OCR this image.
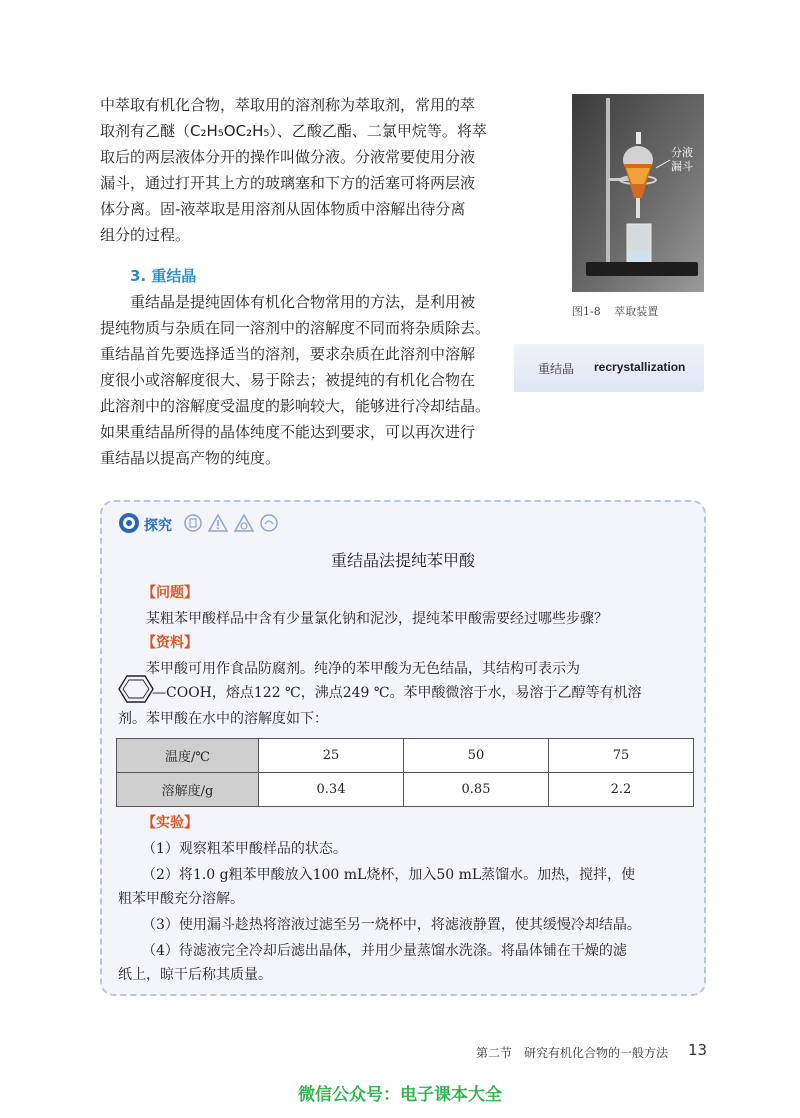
中萃取有机化合物，萃取用的溶剂称为萃取剂，常用的萃
取剂有乙醚（C₂H₅OC₂H₅）、乙酸乙酯、二氯甲烷等。将萃
取后的两层液体分开的操作叫做分液。分液常要使用分液
漏斗，通过打开其上方的玻璃塞和下方的活塞可将两层液
体分离。固-液萃取是用溶剂从固体物质中溶解出待分离
组分的过程。
3. 重结晶
重结晶是提纯固体有机化合物常用的方法，是利用被
提纯物质与杂质在同一溶剂中的溶解度不同而将杂质除去。
重结晶首先要选择适当的溶剂，要求杂质在此溶剂中溶解
度很小或溶解度很大、易于除去；被提纯的有机化合物在
此溶剂中的溶解度受温度的影响较大，能够进行冷却结晶。
如果重结晶所得的晶体纯度不能达到要求，可以再次进行
重结晶以提高产物的纯度。
分液
漏斗
图1-8 萃取装置
重结晶 recrystallization
探究
重结晶法提纯苯甲酸
【问题】
某粗苯甲酸样品中含有少量氯化钠和泥沙，提纯苯甲酸需要经过哪些步骤？
【资料】
苯甲酸可用作食品防腐剂。纯净的苯甲酸为无色结晶，其结构可表示为
—COOH，熔点122 ℃，沸点249 ℃。苯甲酸微溶于水，易溶于乙醇等有机溶
剂。苯甲酸在水中的溶解度如下：
温度/℃	25	50	75
溶解度/g	0.34	0.85	2.2
【实验】
（1）观察粗苯甲酸样品的状态。
（2）将1.0 g粗苯甲酸放入100 mL烧杯，加入50 mL蒸馏水。加热，搅拌，使
粗苯甲酸充分溶解。
（3）使用漏斗趁热将溶液过滤至另一烧杯中，将滤液静置，使其缓慢冷却结晶。
（4）待滤液完全冷却后滤出晶体，并用少量蒸馏水洗涤。将晶体铺在干燥的滤
纸上，晾干后称其质量。
第二节　研究有机化合物的一般方法 13
微信公众号：电子课本大全
